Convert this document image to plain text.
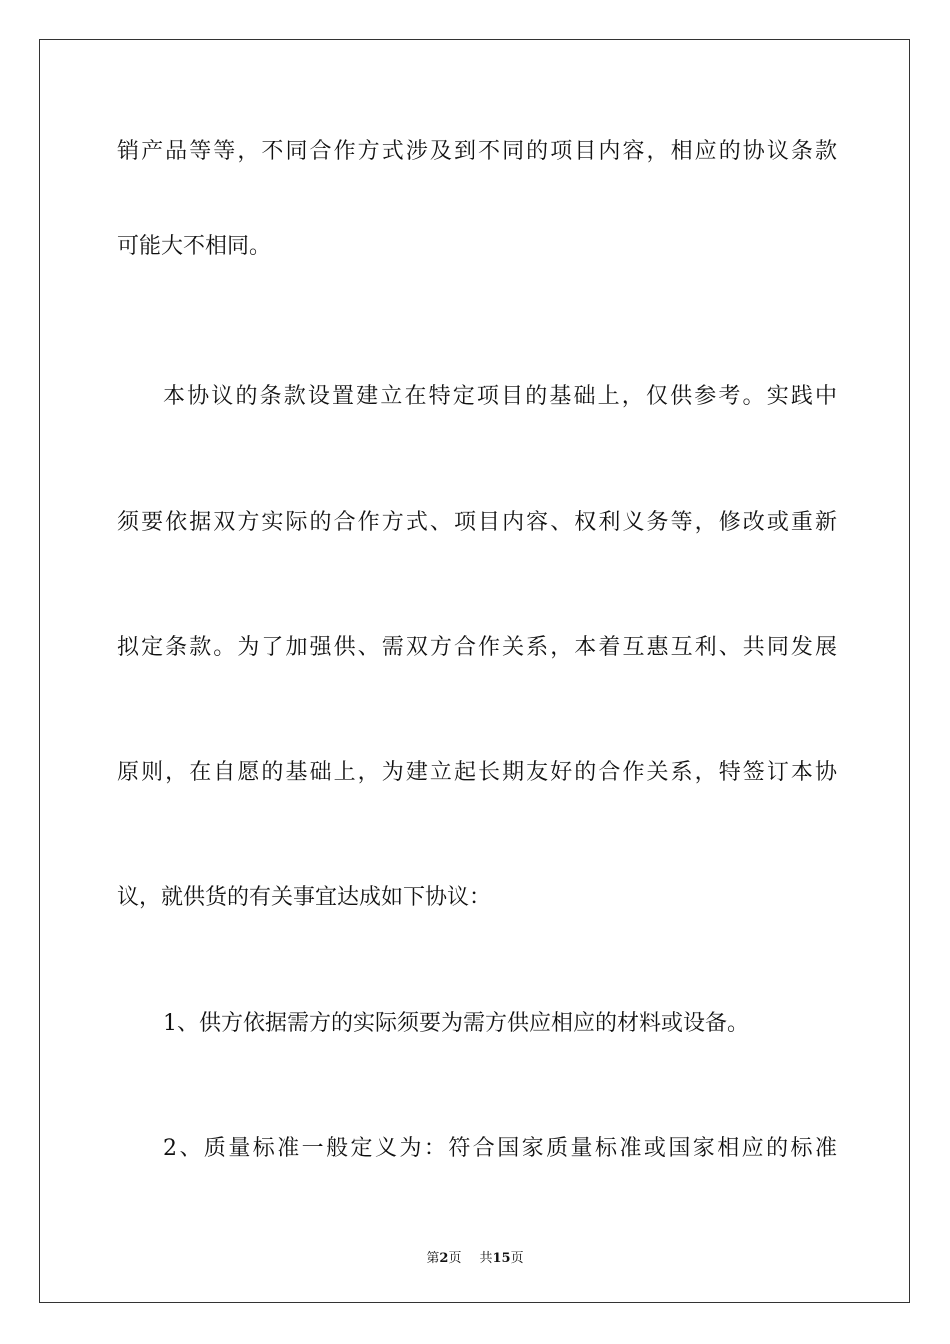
销产品等等，不同合作方式涉及到不同的项目内容，相应的协议条款

可能大不相同。

本协议的条款设置建立在特定项目的基础上，仅供参考。实践中

须要依据双方实际的合作方式、项目内容、权利义务等，修改或重新

拟定条款。为了加强供、需双方合作关系，本着互惠互利、共同发展

原则，在自愿的基础上，为建立起长期友好的合作关系，特签订本协

议，就供货的有关事宜达成如下协议：

1、供方依据需方的实际须要为需方供应相应的材料或设备。

2、质量标准一般定义为：符合国家质量标准或国家相应的标准

第2页 共15页
